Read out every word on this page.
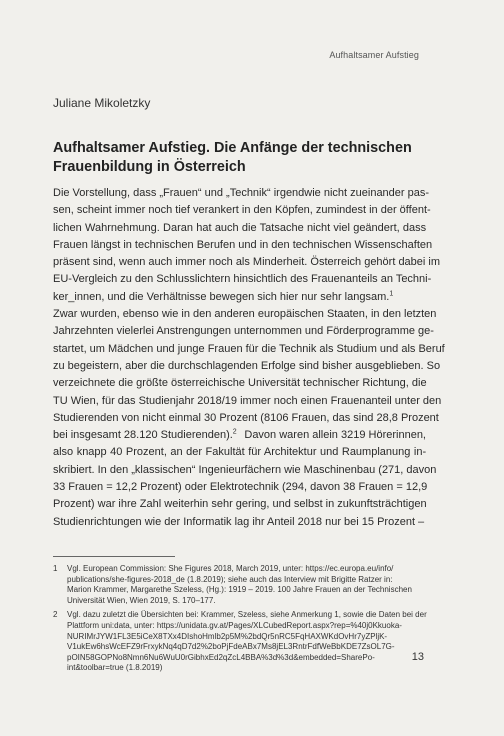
Aufhaltsamer Aufstieg
Juliane Mikoletzky
Aufhaltsamer Aufstieg. Die Anfänge der technischen
Frauenbildung in Österreich
Die Vorstellung, dass „Frauen“ und „Technik“ irgendwie nicht zueinander pas-
sen, scheint immer noch tief verankert in den Köpfen, zumindest in der öffent-
lichen Wahrnehmung. Daran hat auch die Tatsache nicht viel geändert, dass
Frauen längst in technischen Berufen und in den technischen Wissenschaften
präsent sind, wenn auch immer noch als Minderheit. Österreich gehört dabei im
EU-Vergleich zu den Schlusslichtern hinsichtlich des Frauenanteils an Techni-
ker_innen, und die Verhältnisse bewegen sich hier nur sehr langsam.$^1$
Zwar wurden, ebenso wie in den anderen europäischen Staaten, in den letzten
Jahrzehnten vielerlei Anstrengungen unternommen und Förderprogramme ge-
startet, um Mädchen und junge Frauen für die Technik als Studium und als Beruf
zu begeistern, aber die durchschlagenden Erfolge sind bisher ausgeblieben. So
verzeichnete die größte österreichische Universität technischer Richtung, die
TU Wien, für das Studienjahr 2018/19 immer noch einen Frauenanteil unter den
Studierenden von nicht einmal 30 Prozent (8106 Frauen, das sind 28,8 Prozent
bei insgesamt 28.120 Studierenden).$^2$ Davon waren allein 3219 Hörerinnen,
also knapp 40 Prozent, an der Fakultät für Architektur und Raumplanung in-
skribiert. In den „klassischen“ Ingenieurfächern wie Maschinenbau (271, davon
33 Frauen = 12,2 Prozent) oder Elektrotechnik (294, davon 38 Frauen = 12,9
Prozent) war ihre Zahl weiterhin sehr gering, und selbst in zukunftsträchtigen
Studienrichtungen wie der Informatik lag ihr Anteil 2018 nur bei 15 Prozent –
1	Vgl. European Commission: She Figures 2018, March 2019, unter: https://ec.europa.eu/info/
publications/she-figures-2018_de (1.8.2019); siehe auch das Interview mit Brigitte Ratzer in:
Marion Krammer, Margarethe Szeless, (Hg.): 1919 – 2019. 100 Jahre Frauen an der Technischen
Universität Wien, Wien 2019, S. 170–177.
2	Vgl. dazu zuletzt die Übersichten bei: Krammer, Szeless, siehe Anmerkung 1, sowie die Daten bei der
Plattform uni:data, unter: https://unidata.gv.at/Pages/XLCubedReport.aspx?rep=%40j0Kkuoka-
NURIMrJYW1FL3E5iCeX8TXx4DIshoHmlb2p5M%2bdQr5nRC5FqHAXWKdOvHr7yZPljK-
V1ukEw6hsWcEFZ9rFrxykNq4qD7d2%2boPjFdeABx7Ms8jEL3RntrFdfWeBbKDE7ZsOL7G-
pOIN58GOPNo8Nmn6Nu6WuU0rGibhxEd2qZcL4BBA%3d%3d&embedded=SharePo-
int&toolbar=true (1.8.2019)
13
